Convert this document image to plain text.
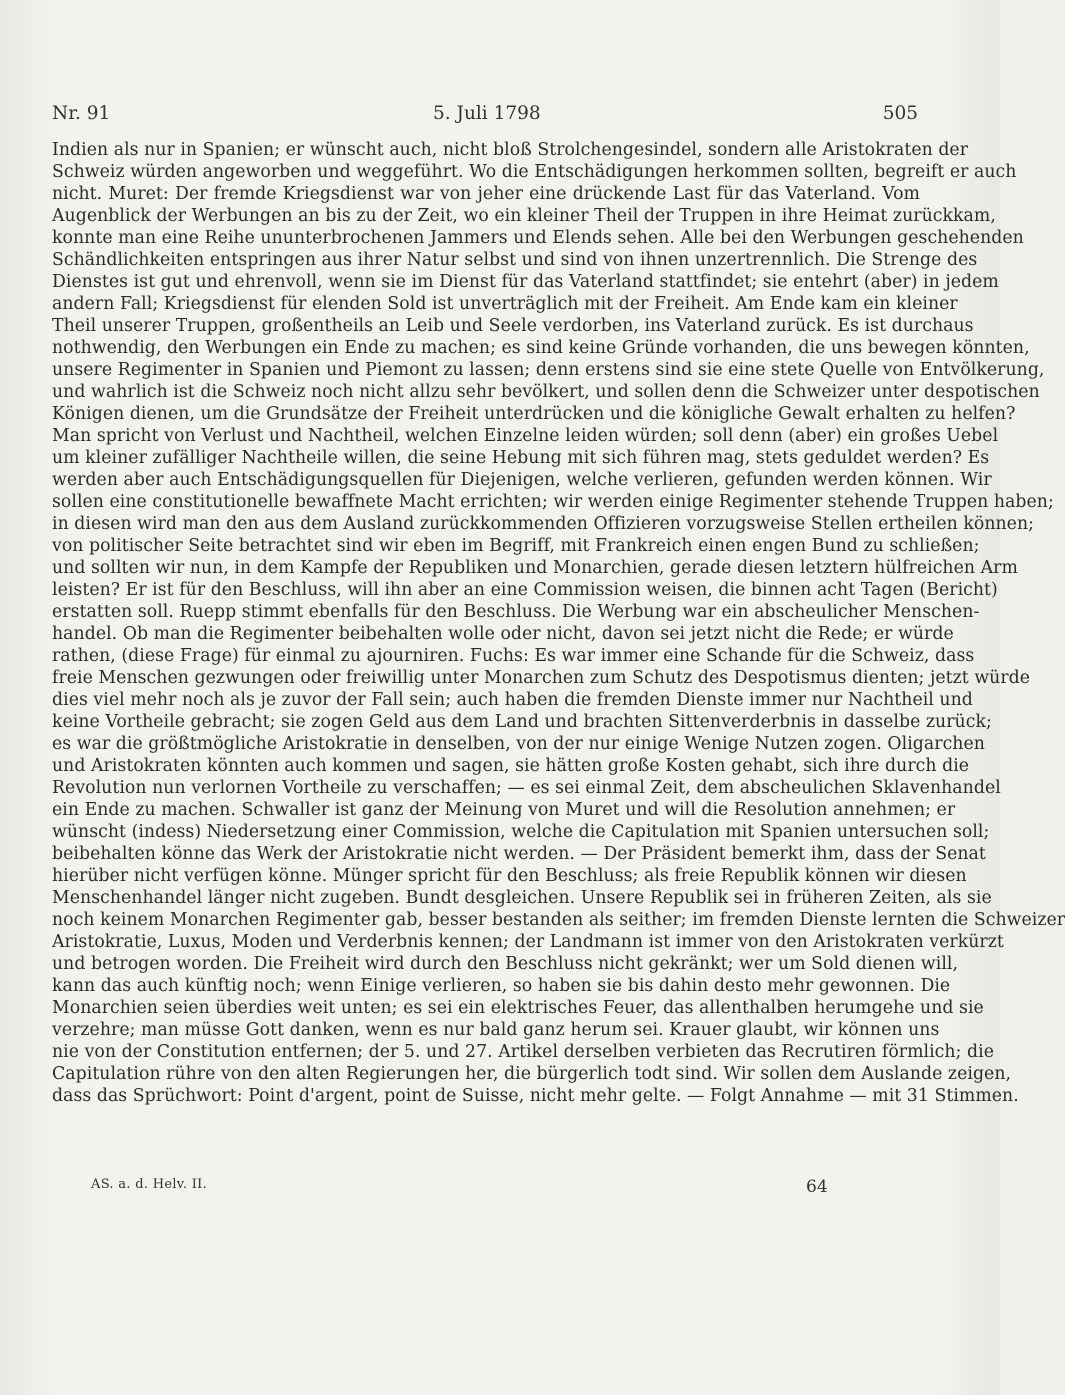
Nr. 91	5. Juli 1798	505
Indien als nur in Spanien; er wünscht auch, nicht bloß Strolchengesindel, sondern alle Aristokraten der
Schweiz würden angeworben und weggeführt. Wo die Entschädigungen herkommen sollten, begreift er auch
nicht. Muret: Der fremde Kriegsdienst war von jeher eine drückende Last für das Vaterland. Vom
Augenblick der Werbungen an bis zu der Zeit, wo ein kleiner Theil der Truppen in ihre Heimat zurückkam,
konnte man eine Reihe ununterbrochenen Jammers und Elends sehen. Alle bei den Werbungen geschehenden
Schändlichkeiten entspringen aus ihrer Natur selbst und sind von ihnen unzertrennlich. Die Strenge des
Dienstes ist gut und ehrenvoll, wenn sie im Dienst für das Vaterland stattfindet; sie entehrt (aber) in jedem
andern Fall; Kriegsdienst für elenden Sold ist unverträglich mit der Freiheit. Am Ende kam ein kleiner
Theil unserer Truppen, großentheils an Leib und Seele verdorben, ins Vaterland zurück. Es ist durchaus
nothwendig, den Werbungen ein Ende zu machen; es sind keine Gründe vorhanden, die uns bewegen könnten,
unsere Regimenter in Spanien und Piemont zu lassen; denn erstens sind sie eine stete Quelle von Entvölkerung,
und wahrlich ist die Schweiz noch nicht allzu sehr bevölkert, und sollen denn die Schweizer unter despotischen
Königen dienen, um die Grundsätze der Freiheit unterdrücken und die königliche Gewalt erhalten zu helfen?
Man spricht von Verlust und Nachtheil, welchen Einzelne leiden würden; soll denn (aber) ein großes Uebel
um kleiner zufälliger Nachtheile willen, die seine Hebung mit sich führen mag, stets geduldet werden? Es
werden aber auch Entschädigungsquellen für Diejenigen, welche verlieren, gefunden werden können. Wir
sollen eine constitutionelle bewaffnete Macht errichten; wir werden einige Regimenter stehende Truppen haben;
in diesen wird man den aus dem Ausland zurückkommenden Offizieren vorzugsweise Stellen ertheilen können;
von politischer Seite betrachtet sind wir eben im Begriff, mit Frankreich einen engen Bund zu schließen;
und sollten wir nun, in dem Kampfe der Republiken und Monarchien, gerade diesen letztern hülfreichen Arm
leisten? Er ist für den Beschluss, will ihn aber an eine Commission weisen, die binnen acht Tagen (Bericht)
erstatten soll. Ruepp stimmt ebenfalls für den Beschluss. Die Werbung war ein abscheulicher Menschen-
handel. Ob man die Regimenter beibehalten wolle oder nicht, davon sei jetzt nicht die Rede; er würde
rathen, (diese Frage) für einmal zu ajourniren. Fuchs: Es war immer eine Schande für die Schweiz, dass
freie Menschen gezwungen oder freiwillig unter Monarchen zum Schutz des Despotismus dienten; jetzt würde
dies viel mehr noch als je zuvor der Fall sein; auch haben die fremden Dienste immer nur Nachtheil und
keine Vortheile gebracht; sie zogen Geld aus dem Land und brachten Sittenverderbnis in dasselbe zurück;
es war die größtmögliche Aristokratie in denselben, von der nur einige Wenige Nutzen zogen. Oligarchen
und Aristokraten könnten auch kommen und sagen, sie hätten große Kosten gehabt, sich ihre durch die
Revolution nun verlornen Vortheile zu verschaffen; — es sei einmal Zeit, dem abscheulichen Sklavenhandel
ein Ende zu machen. Schwaller ist ganz der Meinung von Muret und will die Resolution annehmen; er
wünscht (indess) Niedersetzung einer Commission, welche die Capitulation mit Spanien untersuchen soll;
beibehalten könne das Werk der Aristokratie nicht werden. — Der Präsident bemerkt ihm, dass der Senat
hierüber nicht verfügen könne. Münger spricht für den Beschluss; als freie Republik können wir diesen
Menschenhandel länger nicht zugeben. Bundt desgleichen. Unsere Republik sei in früheren Zeiten, als sie
noch keinem Monarchen Regimenter gab, besser bestanden als seither; im fremden Dienste lernten die Schweizer
Aristokratie, Luxus, Moden und Verderbnis kennen; der Landmann ist immer von den Aristokraten verkürzt
und betrogen worden. Die Freiheit wird durch den Beschluss nicht gekränkt; wer um Sold dienen will,
kann das auch künftig noch; wenn Einige verlieren, so haben sie bis dahin desto mehr gewonnen. Die
Monarchien seien überdies weit unten; es sei ein elektrisches Feuer, das allenthalben herumgehe und sie
verzehre; man müsse Gott danken, wenn es nur bald ganz herum sei. Krauer glaubt, wir können uns
nie von der Constitution entfernen; der 5. und 27. Artikel derselben verbieten das Recrutiren förmlich; die
Capitulation rühre von den alten Regierungen her, die bürgerlich todt sind. Wir sollen dem Auslande zeigen,
dass das Sprüchwort: Point d'argent, point de Suisse, nicht mehr gelte. — Folgt Annahme — mit 31 Stimmen.
AS. a. d. Helv. II.	64
